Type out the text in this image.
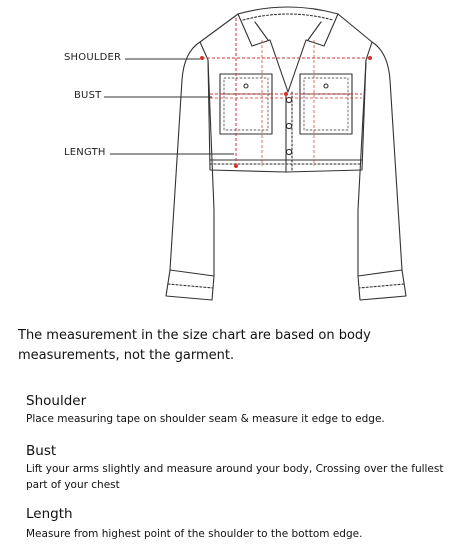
SHOULDER
BUST
LENGTH
The measurement in the size chart are based on body measurements, not the garment.
Shoulder
Place measuring tape on shoulder seam & measure it edge to edge.
Bust
Lift your arms slightly and measure around your body, Crossing over the fullest part of your chest
Length
Measure from highest point of the shoulder to the bottom edge.
